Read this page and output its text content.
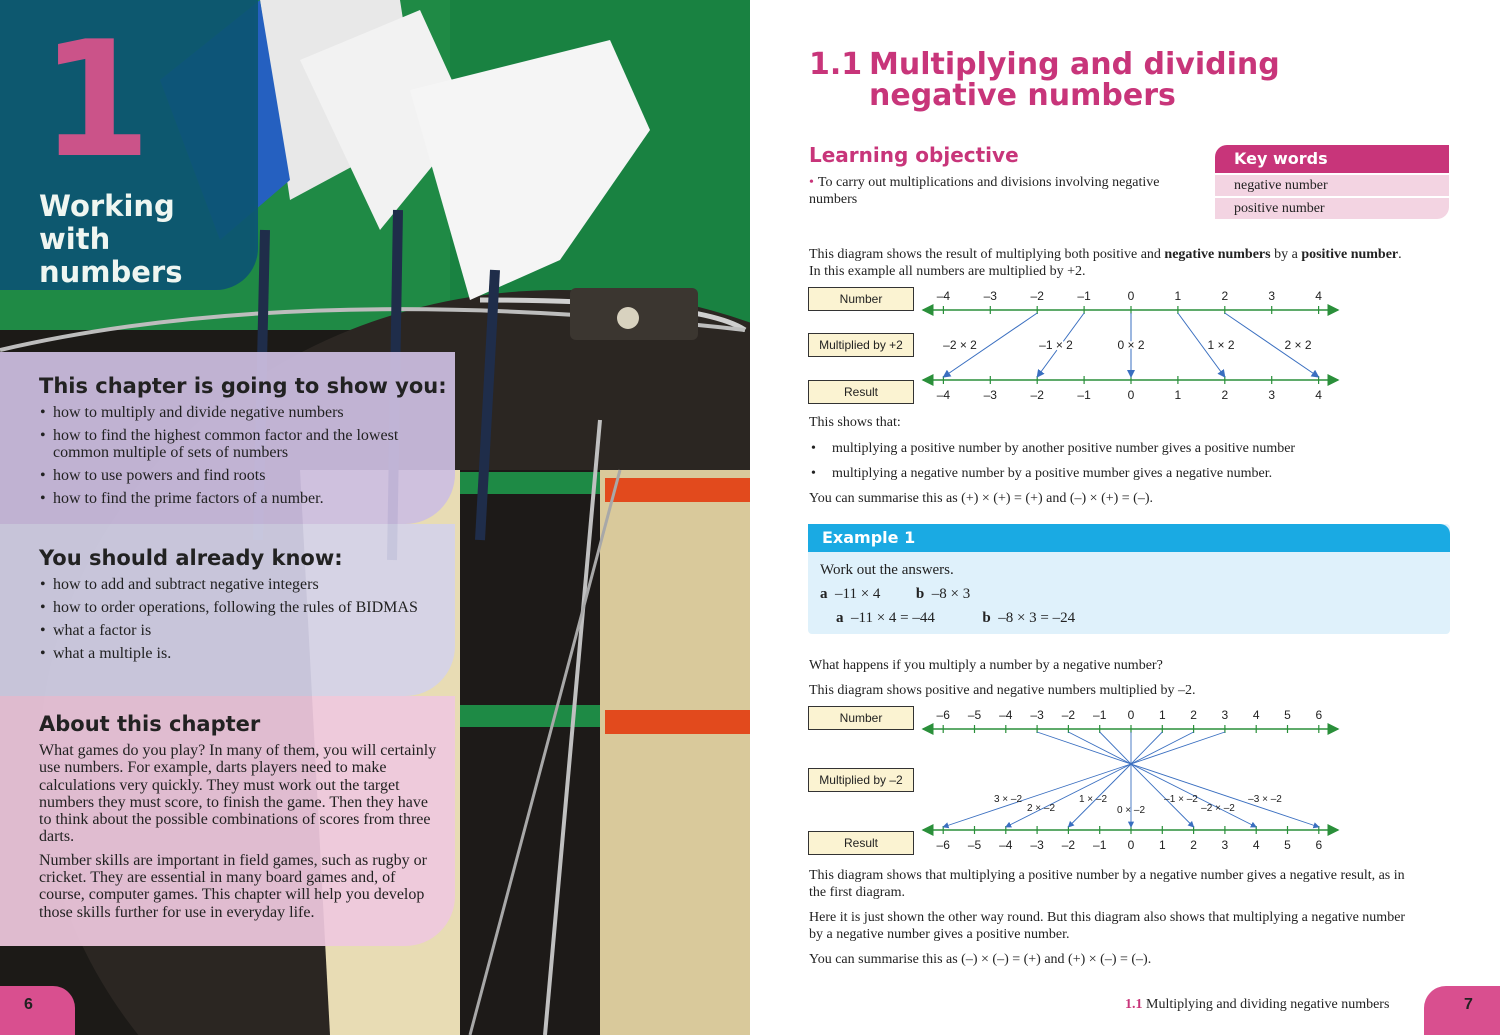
1
Working with numbers
This chapter is going to show you:
• how to multiply and divide negative numbers
• how to find the highest common factor and the lowest common multiple of sets of numbers
• how to use powers and find roots
• how to find the prime factors of a number.
You should already know:
• how to add and subtract negative integers
• how to order operations, following the rules of BIDMAS
• what a factor is
• what a multiple is.
About this chapter

What games do you play? In many of them, you will certainly use numbers. For example, darts players need to make calculations very quickly. They must work out the target numbers they must score, to finish the game. Then they have to think about the possible combinations of scores from three darts.

Number skills are important in field games, such as rugby or cricket. They are essential in many board games and, of course, computer games. This chapter will help you develop those skills further for use in everyday life.

6
1.1 Multiplying and dividing negative numbers
Learning objective
• To carry out multiplications and divisions involving negative numbers
Key words
negative number
positive number
This diagram shows the result of multiplying both positive and negative numbers by a positive number. In this example all numbers are multiplied by +2.
Number
Multiplied by +2
Result
–4
–4
–3
–3
–2
–2
–1
–1
0
0
1
1
2
2
3
3
4
4
–2 × 2	–1 × 2	0 × 2	1 × 2	2 × 2
This shows that:
• multiplying a positive number by another positive number gives a positive number
• multiplying a negative number by a positive mumber gives a negative number.
You can summarise this as (+) × (+) = (+) and (–) × (+) = (–).
Example 1
Work out the answers.
a –11 × 4 b –8 × 3
a –11 × 4 = –44	b –8 × 3 = –24
What happens if you multiply a number by a negative number?
This diagram shows positive and negative numbers multiplied by –2.
Number
Multiplied by –2
Result
–6
–6
–5
–5
–4
–4
–3
–3
–2
–2
–1
–1
0
0
1
1
2
2
3
3
4
4
5
5
6
6
3 × –2
2 × –2
1 × –2
0 × –2
–1 × –2
–2 × –2
–3 × –2
This diagram shows that multiplying a positive number by a negative number gives a negative result, as in the first diagram.
Here it is just shown the other way round. But this diagram also shows that multiplying a negative number by a negative number gives a positive number.
You can summarise this as (–) × (–) = (+) and (+) × (–) = (–).
1.1 Multiplying and dividing negative numbers	7
